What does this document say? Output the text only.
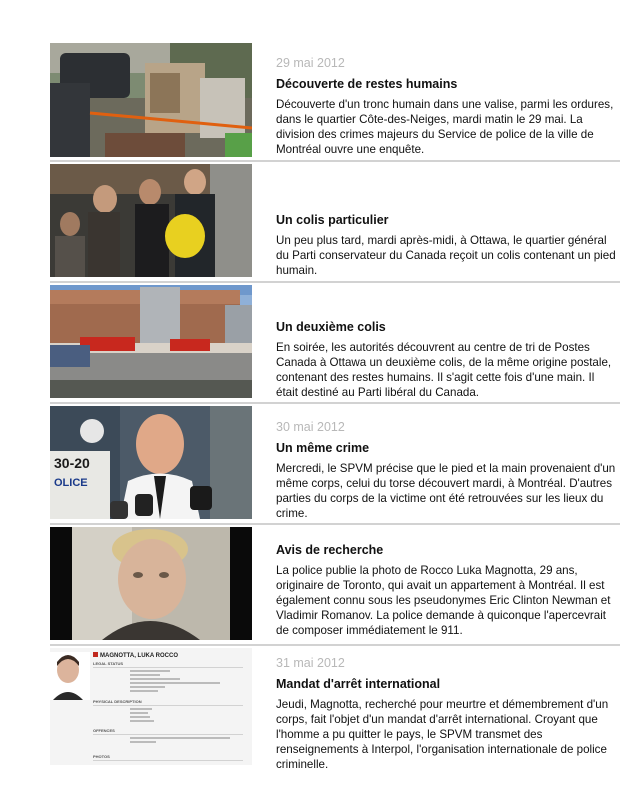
29 mai 2012
Découverte de restes humains
Découverte d'un tronc humain dans une valise, parmi les ordures, dans le quartier Côte-des-Neiges, mardi matin le 29 mai. La division des crimes majeurs du Service de police de la ville de Montréal ouvre une enquête.
Un colis particulier
Un peu plus tard, mardi après-midi, à Ottawa, le quartier général du Parti conservateur du Canada reçoit un colis contenant un pied humain.
Un deuxième colis
En soirée, les autorités découvrent au centre de tri de Postes Canada à Ottawa un deuxième colis, de la même origine postale, contenant des restes humains. Il s'agit cette fois d'une main. Il était destiné au Parti libéral du Canada.
30-20
OLICE
30 mai 2012
Un même crime
Mercredi, le SPVM précise que le pied et la main provenaient d'un même corps, celui du torse découvert mardi, à Montréal. D'autres parties du corps de la victime ont été retrouvées sur les lieux du crime.
Avis de recherche
La police publie la photo de Rocco Luka Magnotta, 29 ans, originaire de Toronto, qui avait un appartement à Montréal. Il est également connu sous les pseudonymes Eric Clinton Newman et Vladimir Romanov. La police demande à quiconque l'apercevrait de composer immédiatement le 911.
MAGNOTTA, LUKA ROCCO
LEGAL STATUS
PHYSICAL DESCRIPTION
OFFENCES
PHOTOS
31 mai 2012
Mandat d'arrêt international
Jeudi, Magnotta, recherché pour meurtre et démembrement d'un corps, fait l'objet d'un mandat d'arrêt international. Croyant que l'homme a pu quitter le pays, le SPVM transmet des renseignements à Interpol, l'organisation internationale de police criminelle.
